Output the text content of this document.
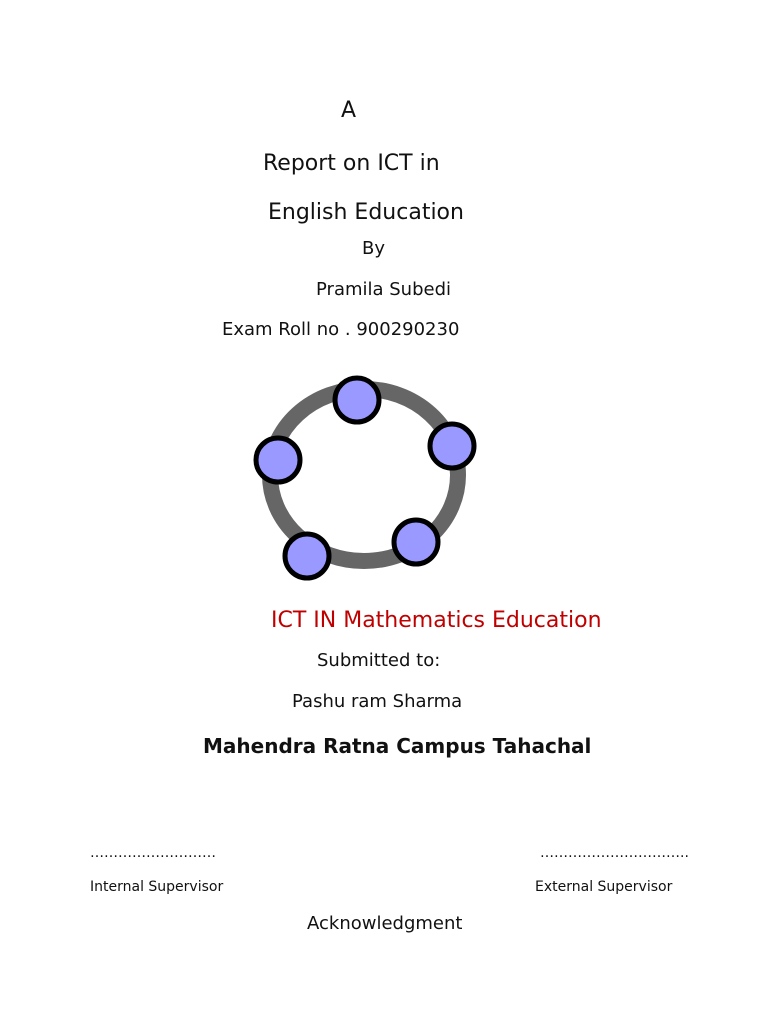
A
Report on ICT in
English Education
By
Pramila Subedi
Exam Roll no . 900290230
ICT IN Mathematics Education
Submitted to:
Pashu ram Sharma
Mahendra Ratna Campus Tahachal
………………………	…………………………..
Internal Supervisor	External Supervisor
Acknowledgment
